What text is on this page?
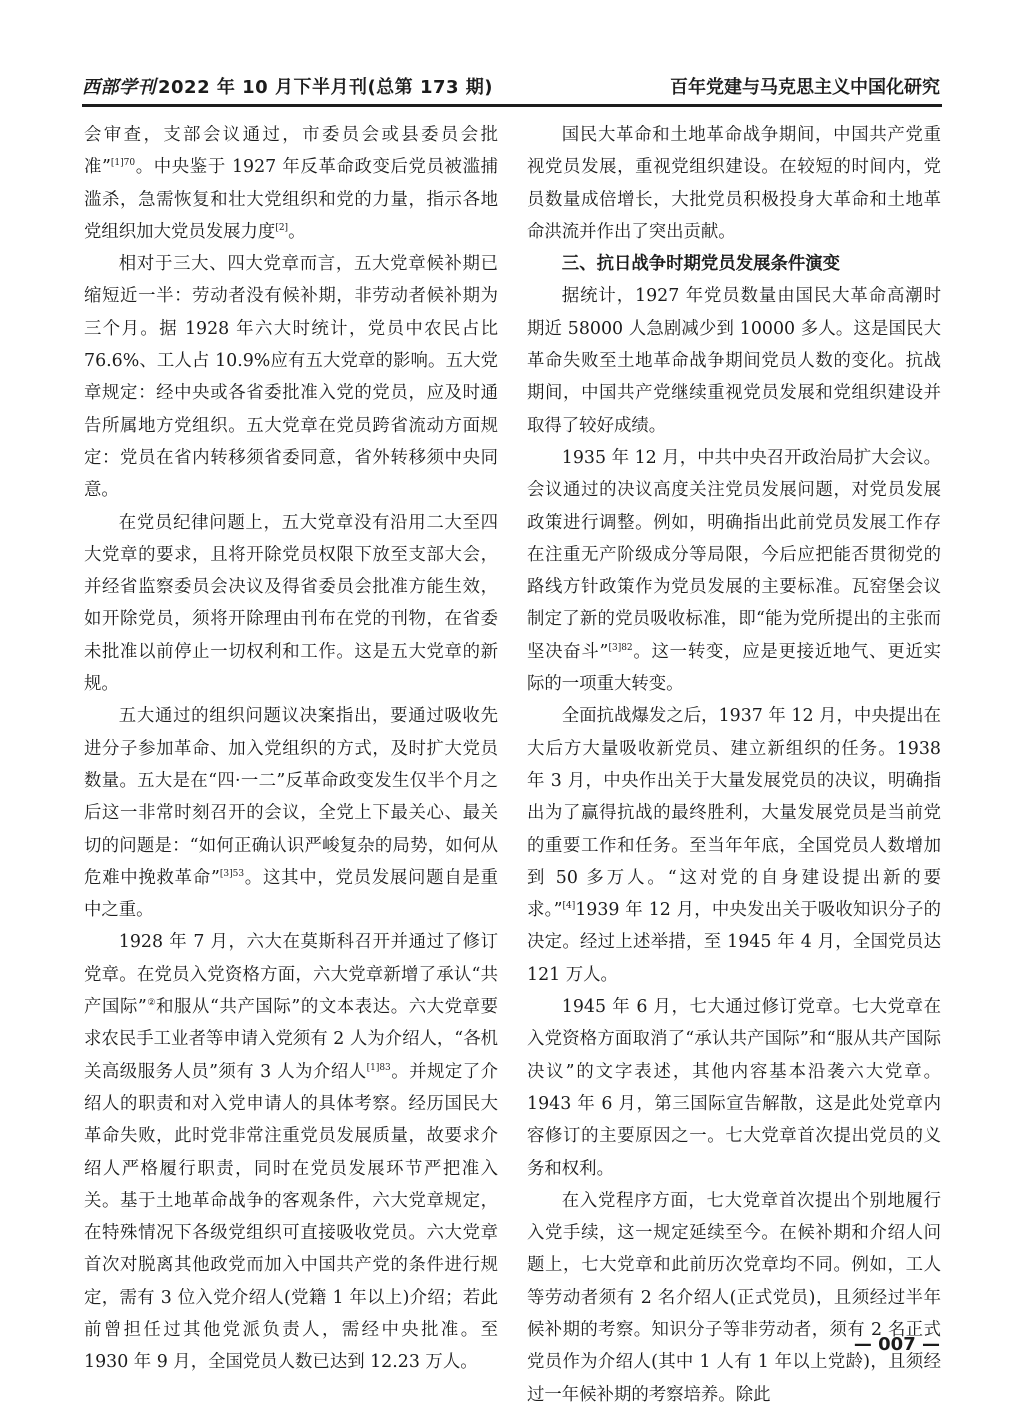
西部学刊 2022 年 10 月下半月刊(总第 173 期)	百年党建与马克思主义中国化研究

会审查，支部会议通过，市委员会或县委员会批准”$^{[1]70}$。中央鉴于 1927 年反革命政变后党员被滥捕滥杀，急需恢复和壮大党组织和党的力量，指示各地党组织加大党员发展力度[2]。

相对于三大、四大党章而言，五大党章候补期已缩短近一半：劳动者没有候补期，非劳动者候补期为三个月。据 1928 年六大时统计，党员中农民占比 76.6%、工人占 10.9%应有五大党章的影响。五大党章规定：经中央或各省委批准入党的党员，应及时通告所属地方党组织。五大党章在党员跨省流动方面规定：党员在省内转移须省委同意，省外转移须中央同意。

在党员纪律问题上，五大党章没有沿用二大至四大党章的要求，且将开除党员权限下放至支部大会，并经省监察委员会决议及得省委员会批准方能生效，如开除党员，须将开除理由刊布在党的刊物，在省委未批准以前停止一切权利和工作。这是五大党章的新规。

五大通过的组织问题议决案指出，要通过吸收先进分子参加革命、加入党组织的方式，及时扩大党员数量。五大是在“四·一二”反革命政变发生仅半个月之后这一非常时刻召开的会议，全党上下最关心、最关切的问题是：“如何正确认识严峻复杂的局势，如何从危难中挽救革命”$^{[3]53}$。这其中，党员发展问题自是重中之重。

1928 年 7 月，六大在莫斯科召开并通过了修订党章。在党员入党资格方面，六大党章新增了承认“共产国际”②和服从“共产国际”的文本表达。六大党章要求农民手工业者等申请入党须有 2 人为介绍人，“各机关高级服务人员”须有 3 人为介绍人$^{[1]83}$。并规定了介绍人的职责和对入党申请人的具体考察。经历国民大革命失败，此时党非常注重党员发展质量，故要求介绍人严格履行职责，同时在党员发展环节严把准入关。基于土地革命战争的客观条件，六大党章规定，在特殊情况下各级党组织可直接吸收党员。六大党章首次对脱离其他政党而加入中国共产党的条件进行规定，需有 3 位入党介绍人(党籍 1 年以上)介绍；若此前曾担任过其他党派负责人，需经中央批准。至 1930 年 9 月，全国党员人数已达到 12.23 万人。

国民大革命和土地革命战争期间，中国共产党重视党员发展，重视党组织建设。在较短的时间内，党员数量成倍增长，大批党员积极投身大革命和土地革命洪流并作出了突出贡献。

三、抗日战争时期党员发展条件演变

据统计，1927 年党员数量由国民大革命高潮时期近 58000 人急剧减少到 10000 多人。这是国民大革命失败至土地革命战争期间党员人数的变化。抗战期间，中国共产党继续重视党员发展和党组织建设并取得了较好成绩。

1935 年 12 月，中共中央召开政治局扩大会议。会议通过的决议高度关注党员发展问题，对党员发展政策进行调整。例如，明确指出此前党员发展工作存在注重无产阶级成分等局限，今后应把能否贯彻党的路线方针政策作为党员发展的主要标准。瓦窑堡会议制定了新的党员吸收标准，即“能为党所提出的主张而坚决奋斗”$^{[3]82}$。这一转变，应是更接近地气、更近实际的一项重大转变。

全面抗战爆发之后，1937 年 12 月，中央提出在大后方大量吸收新党员、建立新组织的任务。1938 年 3 月，中央作出关于大量发展党员的决议，明确指出为了赢得抗战的最终胜利，大量发展党员是当前党的重要工作和任务。至当年年底，全国党员人数增加到 50 多万人。“这对党的自身建设提出新的要求。”[4]1939 年 12 月，中央发出关于吸收知识分子的决定。经过上述举措，至 1945 年 4 月，全国党员达 121 万人。

1945 年 6 月，七大通过修订党章。七大党章在入党资格方面取消了“承认共产国际”和“服从共产国际决议”的文字表述，其他内容基本沿袭六大党章。1943 年 6 月，第三国际宣告解散，这是此处党章内容修订的主要原因之一。七大党章首次提出党员的义务和权利。

在入党程序方面，七大党章首次提出个别地履行入党手续，这一规定延续至今。在候补期和介绍人问题上，七大党章和此前历次党章均不同。例如，工人等劳动者须有 2 名介绍人(正式党员)，且须经过半年候补期的考察。知识分子等非劳动者，须有 2 名正式党员作为介绍人(其中 1 人有 1 年以上党龄)，且须经过一年候补期的考察培养。除此

— 007 —
